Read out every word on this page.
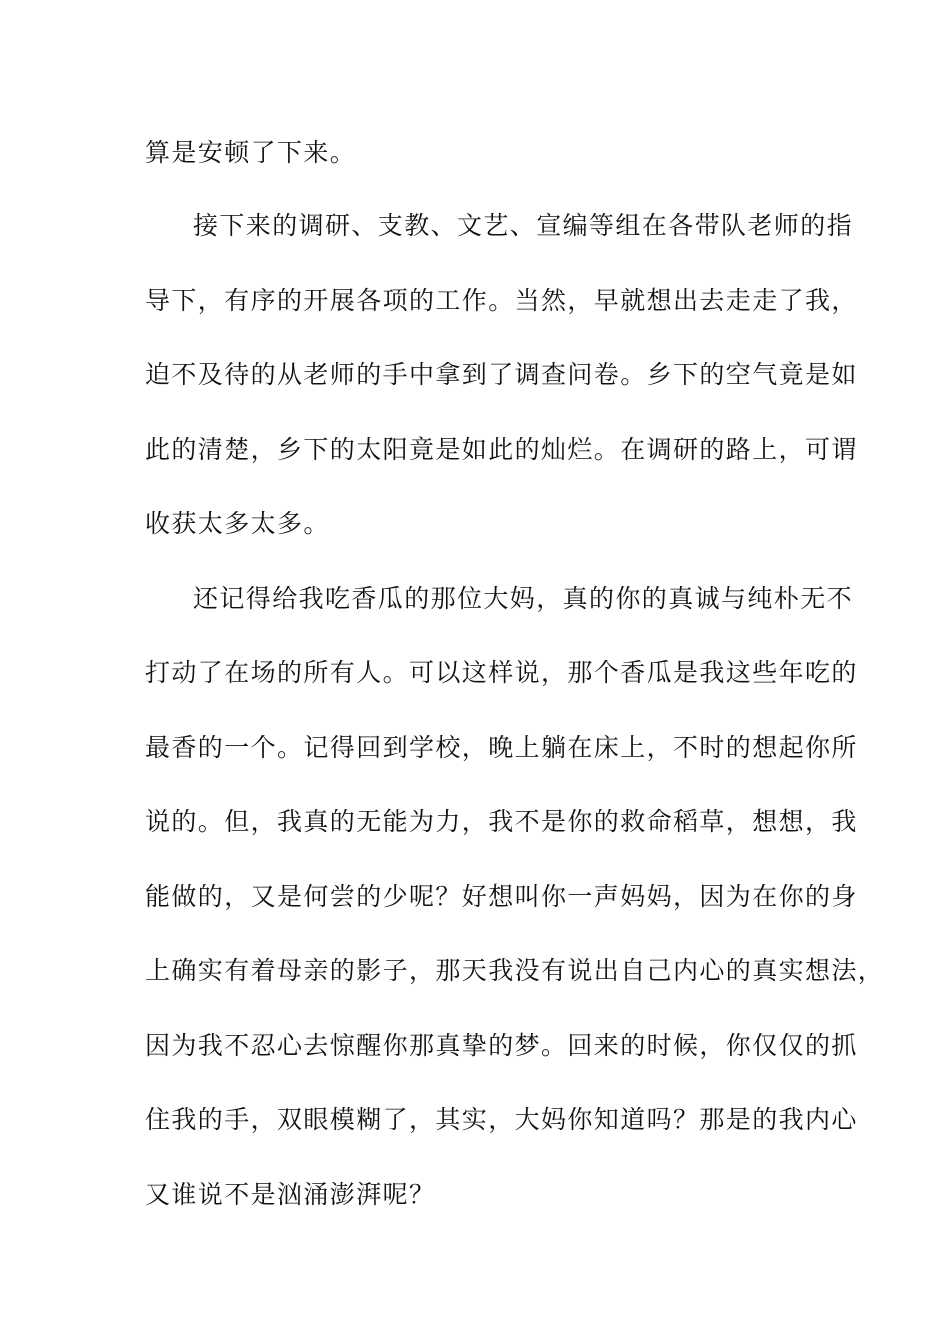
算是安顿了下来。

接下来的调研、支教、文艺、宣编等组在各带队老师的指

导下，有序的开展各项的工作。当然，早就想出去走走了我，

迫不及待的从老师的手中拿到了调查问卷。乡下的空气竟是如

此的清楚，乡下的太阳竟是如此的灿烂。在调研的路上，可谓

收获太多太多。

还记得给我吃香瓜的那位大妈，真的你的真诚与纯朴无不

打动了在场的所有人。可以这样说，那个香瓜是我这些年吃的

最香的一个。记得回到学校，晚上躺在床上，不时的想起你所

说的。但，我真的无能为力，我不是你的救命稻草，想想，我

能做的，又是何尝的少呢？好想叫你一声妈妈，因为在你的身

上确实有着母亲的影子，那天我没有说出自己内心的真实想法，

因为我不忍心去惊醒你那真挚的梦。回来的时候，你仅仅的抓

住我的手，双眼模糊了，其实，大妈你知道吗？那是的我内心

又谁说不是汹涌澎湃呢？
